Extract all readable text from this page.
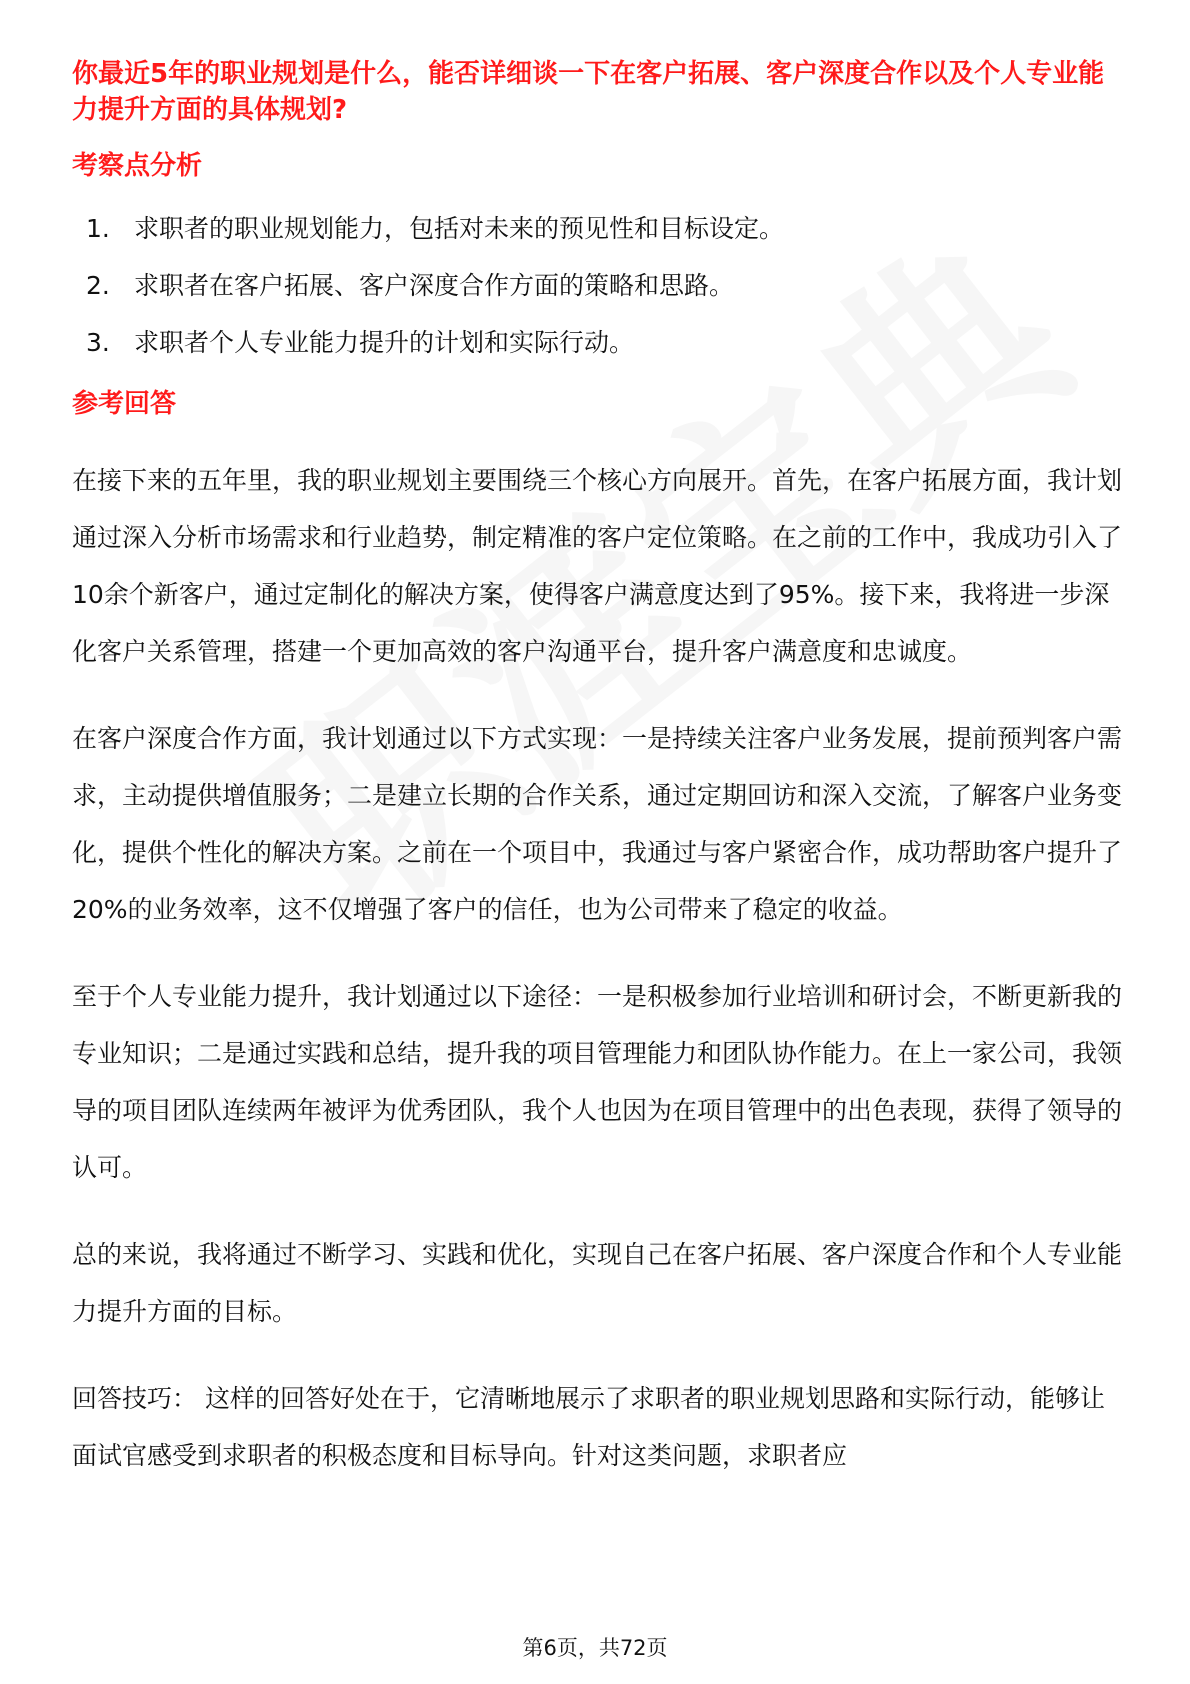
你最近5年的职业规划是什么，能否详细谈一下在客户拓展、客户深度合作以及个人专业能力提升方面的具体规划?

考察点分析
1. 求职者的职业规划能力，包括对未来的预见性和目标设定。
2. 求职者在客户拓展、客户深度合作方面的策略和思路。
3. 求职者个人专业能力提升的计划和实际行动。
参考回答

在接下来的五年里，我的职业规划主要围绕三个核心方向展开。首先，在客户拓展方面，我计划通过深入分析市场需求和行业趋势，制定精准的客户定位策略。在之前的工作中，我成功引入了10余个新客户，通过定制化的解决方案，使得客户满意度达到了95%。接下来，我将进一步深化客户关系管理，搭建一个更加高效的客户沟通平台，提升客户满意度和忠诚度。

在客户深度合作方面，我计划通过以下方式实现：一是持续关注客户业务发展，提前预判客户需求，主动提供增值服务；二是建立长期的合作关系，通过定期回访和深入交流，了解客户业务变化，提供个性化的解决方案。之前在一个项目中，我通过与客户紧密合作，成功帮助客户提升了20%的业务效率，这不仅增强了客户的信任，也为公司带来了稳定的收益。

至于个人专业能力提升，我计划通过以下途径：一是积极参加行业培训和研讨会，不断更新我的专业知识；二是通过实践和总结，提升我的项目管理能力和团队协作能力。在上一家公司，我领导的项目团队连续两年被评为优秀团队，我个人也因为在项目管理中的出色表现，获得了领导的认可。

总的来说，我将通过不断学习、实践和优化，实现自己在客户拓展、客户深度合作和个人专业能力提升方面的目标。

回答技巧： 这样的回答好处在于，它清晰地展示了求职者的职业规划思路和实际行动，能够让面试官感受到求职者的积极态度和目标导向。针对这类问题，求职者应

第6页，共72页
